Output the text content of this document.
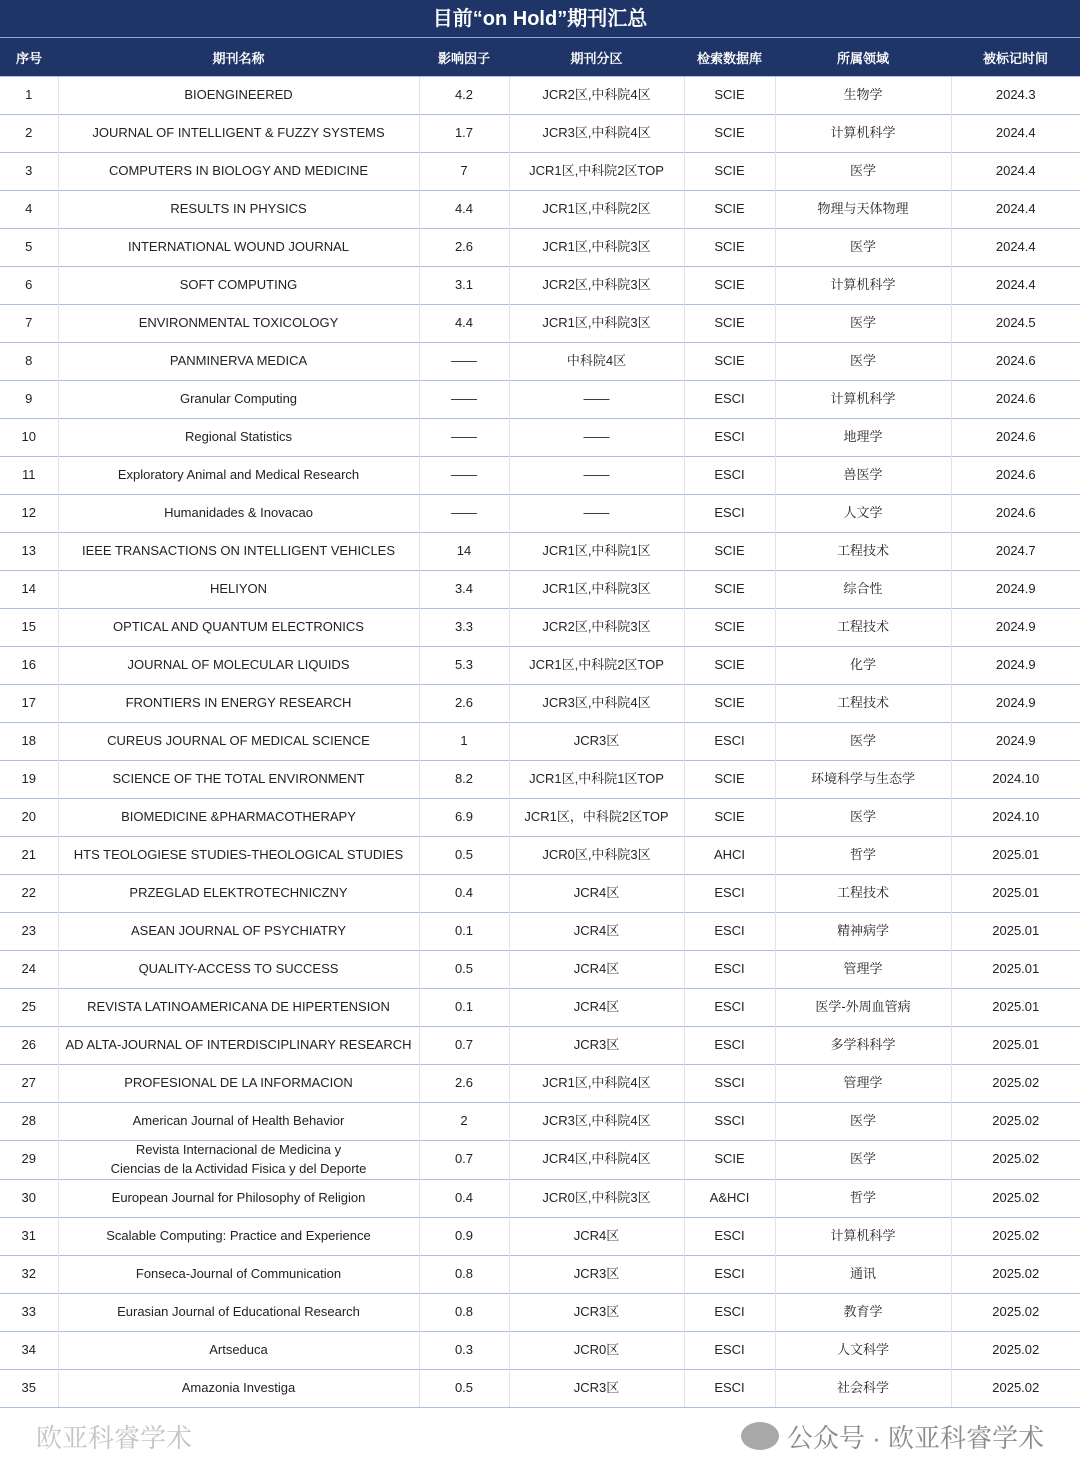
目前“on Hold”期刊汇总
序号	期刊名称	影响因子	期刊分区	检索数据库	所属领域	被标记时间
1	BIOENGINEERED	4.2	JCR2区,中科院4区	SCIE	生物学	2024.3
2	JOURNAL OF INTELLIGENT & FUZZY SYSTEMS	1.7	JCR3区,中科院4区	SCIE	计算机科学	2024.4
3	COMPUTERS IN BIOLOGY AND MEDICINE	7	JCR1区,中科院2区TOP	SCIE	医学	2024.4
4	RESULTS IN PHYSICS	4.4	JCR1区,中科院2区	SCIE	物理与天体物理	2024.4
5	INTERNATIONAL WOUND JOURNAL	2.6	JCR1区,中科院3区	SCIE	医学	2024.4
6	SOFT COMPUTING	3.1	JCR2区,中科院3区	SCIE	计算机科学	2024.4
7	ENVIRONMENTAL TOXICOLOGY	4.4	JCR1区,中科院3区	SCIE	医学	2024.5
8	PANMINERVA MEDICA	——	中科院4区	SCIE	医学	2024.6
9	Granular Computing	——	——	ESCI	计算机科学	2024.6
10	Regional Statistics	——	——	ESCI	地理学	2024.6
11	Exploratory Animal and Medical Research	——	——	ESCI	兽医学	2024.6
12	Humanidades & Inovacao	——	——	ESCI	人文学	2024.6
13	IEEE TRANSACTIONS ON INTELLIGENT VEHICLES	14	JCR1区,中科院1区	SCIE	工程技术	2024.7
14	HELIYON	3.4	JCR1区,中科院3区	SCIE	综合性	2024.9
15	OPTICAL AND QUANTUM ELECTRONICS	3.3	JCR2区,中科院3区	SCIE	工程技术	2024.9
16	JOURNAL OF MOLECULAR LIQUIDS	5.3	JCR1区,中科院2区TOP	SCIE	化学	2024.9
17	FRONTIERS IN ENERGY RESEARCH	2.6	JCR3区,中科院4区	SCIE	工程技术	2024.9
18	CUREUS JOURNAL OF MEDICAL SCIENCE	1	JCR3区	ESCI	医学	2024.9
19	SCIENCE OF THE TOTAL ENVIRONMENT	8.2	JCR1区,中科院1区TOP	SCIE	环境科学与生态学	2024.10
20	BIOMEDICINE &PHARMACOTHERAPY	6.9	JCR1区，中科院2区TOP	SCIE	医学	2024.10
21	HTS TEOLOGIESE STUDIES-THEOLOGICAL STUDIES	0.5	JCR0区,中科院3区	AHCI	哲学	2025.01
22	PRZEGLAD ELEKTROTECHNICZNY	0.4	JCR4区	ESCI	工程技术	2025.01
23	ASEAN JOURNAL OF PSYCHIATRY	0.1	JCR4区	ESCI	精神病学	2025.01
24	QUALITY-ACCESS TO SUCCESS	0.5	JCR4区	ESCI	管理学	2025.01
25	REVISTA LATINOAMERICANA DE HIPERTENSION	0.1	JCR4区	ESCI	医学-外周血管病	2025.01
26	AD ALTA-JOURNAL OF INTERDISCIPLINARY RESEARCH	0.7	JCR3区	ESCI	多学科科学	2025.01
27	PROFESIONAL DE LA INFORMACION	2.6	JCR1区,中科院4区	SSCI	管理学	2025.02
28	American Journal of Health Behavior	2	JCR3区,中科院4区	SSCI	医学	2025.02
29	Revista Internacional de Medicina y
Ciencias de la Actividad Fisica y del Deporte	0.7	JCR4区,中科院4区	SCIE	医学	2025.02
30	European Journal for Philosophy of Religion	0.4	JCR0区,中科院3区	A&HCI	哲学	2025.02
31	Scalable Computing: Practice and Experience	0.9	JCR4区	ESCI	计算机科学	2025.02
32	Fonseca-Journal of Communication	0.8	JCR3区	ESCI	通讯	2025.02
33	Eurasian Journal of Educational Research	0.8	JCR3区	ESCI	教育学	2025.02
34	Artseduca	0.3	JCR0区	ESCI	人文科学	2025.02
35	Amazonia Investiga	0.5	JCR3区	ESCI	社会科学	2025.02
欧亚科睿学术	公众号 · 欧亚科睿学术
